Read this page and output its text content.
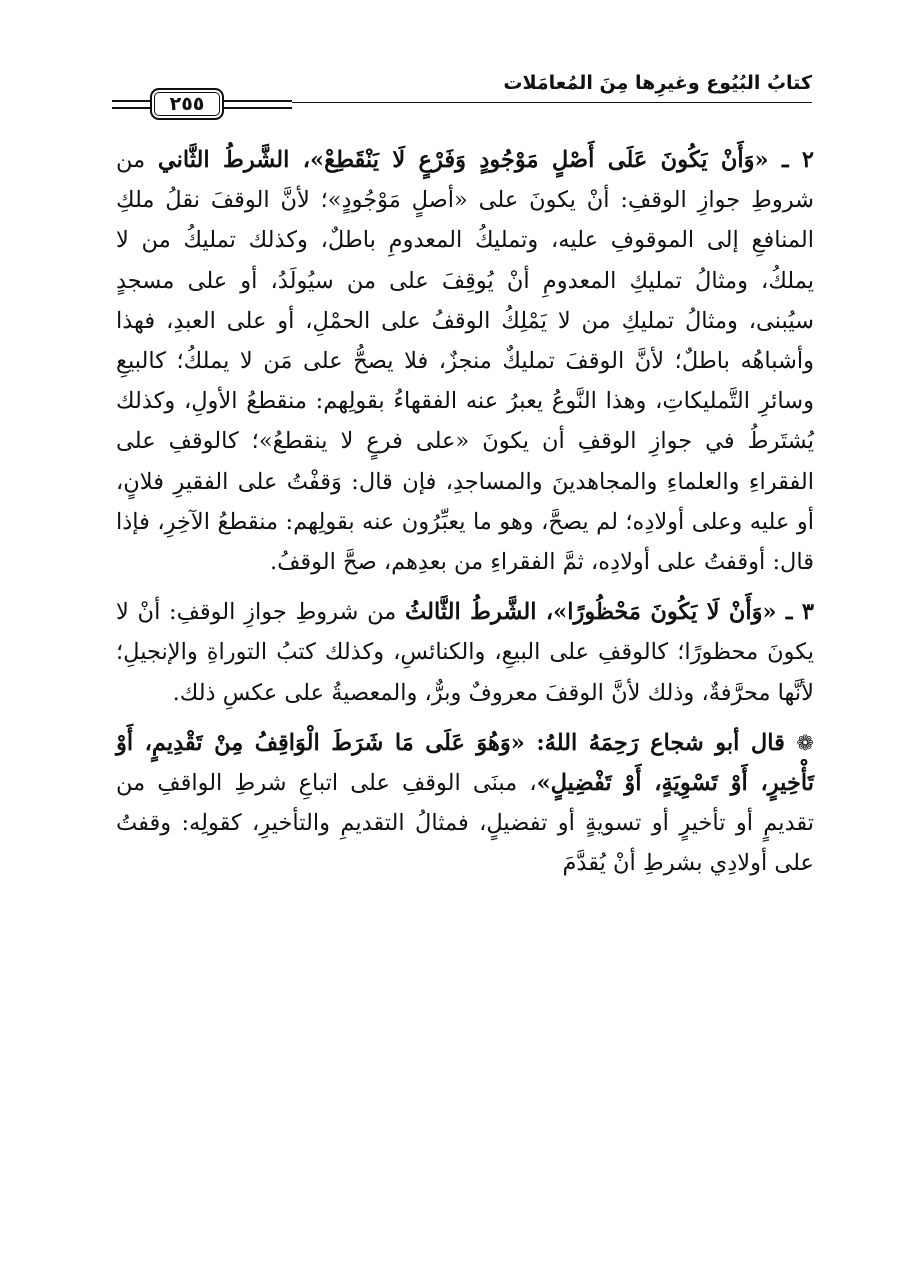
كتابُ البُيُوع وغيرِها مِنَ المُعامَلات
٢٥٥

٢ ـ «وَأَنْ يَكُونَ عَلَى أَصْلٍ مَوْجُودٍ وَفَرْعٍ لَا يَنْقَطِعْ»، الشَّرطُ الثَّاني من شروطِ جوازِ الوقفِ: أنْ يكونَ على «أصلٍ مَوْجُودٍ»؛ لأنَّ الوقفَ نقلُ ملكِ المنافعِ إلى الموقوفِ عليه، وتمليكُ المعدومِ باطلٌ، وكذلك تمليكُ من لا يملكُ، ومثالُ تمليكِ المعدومِ أنْ يُوقِفَ على من سيُولَدُ، أو على مسجدٍ سيُبنى، ومثالُ تمليكِ من لا يَمْلِكُ الوقفُ على الحمْلِ، أو على العبدِ، فهذا وأشباهُه باطلٌ؛ لأنَّ الوقفَ تمليكٌ منجزٌ، فلا يصحُّ على مَن لا يملكُ؛ كالبيعِ وسائرِ التَّمليكاتِ، وهذا النَّوعُ يعبرُ عنه الفقهاءُ بقولِهم: منقطعُ الأولِ، وكذلك يُشتَرطُ في جوازِ الوقفِ أن يكونَ «على فرعٍ لا ينقطعُ»؛ كالوقفِ على الفقراءِ والعلماءِ والمجاهدينَ والمساجدِ، فإن قال: وَقفْتُ على الفقيرِ فلانٍ، أو عليه وعلى أولادِه؛ لم يصحَّ، وهو ما يعبِّرُون عنه بقولِهم: منقطعُ الآخِرِ، فإذا قال: أوقفتُ على أولادِه، ثمَّ الفقراءِ من بعدِهم، صحَّ الوقفُ.

٣ ـ «وَأَنْ لَا يَكُونَ مَحْظُورًا»، الشَّرطُ الثَّالثُ من شروطِ جوازِ الوقفِ: أنْ لا يكونَ محظورًا؛ كالوقفِ على البيعِ، والكنائسِ، وكذلك كتبُ التوراةِ والإنجيلِ؛ لأنَّها محرَّفةٌ، وذلك لأنَّ الوقفَ معروفٌ وبرٌّ، والمعصيةُ على عكسِ ذلك.

❁ قال أبو شجاع رَحِمَهُ اللهُ: «وَهُوَ عَلَى مَا شَرَطَ الْوَاقِفُ مِنْ تَقْدِيمٍ، أَوْ تَأْخِيرٍ، أَوْ تَسْوِيَةٍ، أَوْ تَفْضِيلٍ»، مبنَى الوقفِ على اتباعِ شرطِ الواقفِ من تقديمٍ أو تأخيرٍ أو تسويةٍ أو تفضيلٍ، فمثالُ التقديمِ والتأخيرِ، كقولِه: وقفتُ على أولادِي بشرطِ أنْ يُقدَّمَ
